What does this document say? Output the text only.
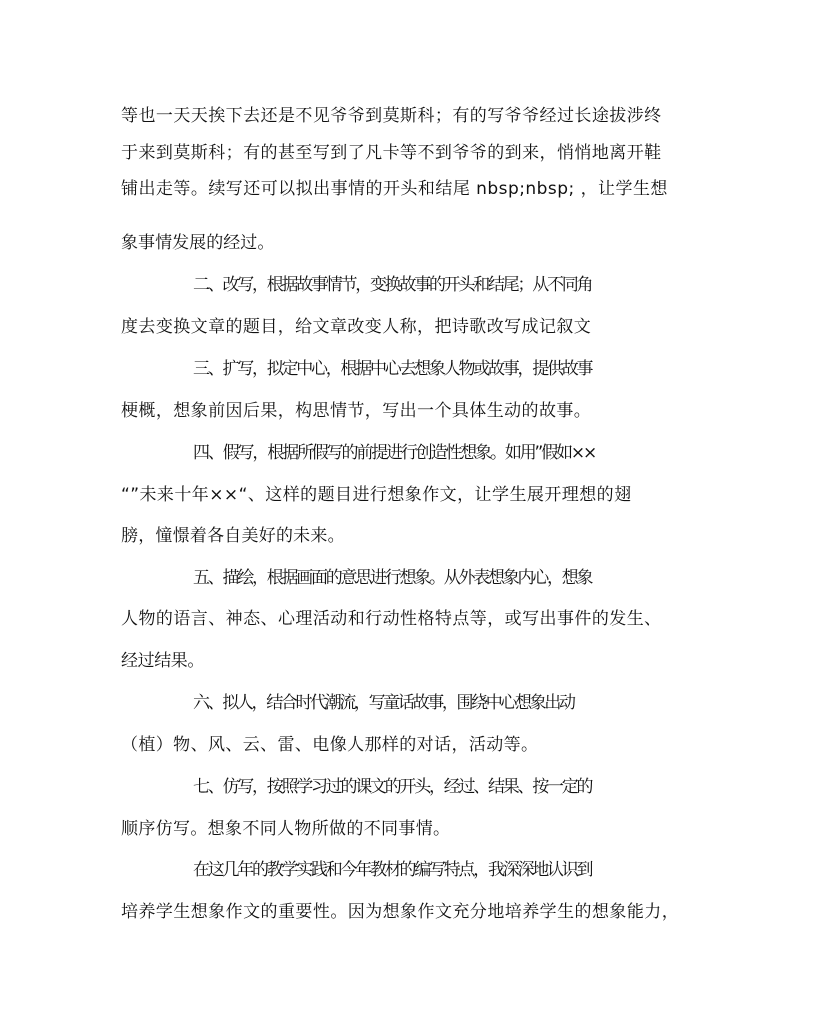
等也一天天挨下去还是不见爷爷到莫斯科；有的写爷爷经过长途拔涉终
于来到莫斯科；有的甚至写到了凡卡等不到爷爷的到来，悄悄地离开鞋
铺出走等。续写还可以拟出事情的开头和结尾 nbsp;nbsp; ，让学生想
象事情发展的经过。
二、改写，根据故事情节，变换故事的开头和结尾；从不同角
度去变换文章的题目，给文章改变人称，把诗歌改写成记叙文
三、扩写，拟定中心，根据中心去想象人物或故事，提供故事
梗概，想象前因后果，构思情节，写出一个具体生动的故事。
四、假写，根据所假写的前提进行创造性想象。如用”假如××
“”未来十年××“、这样的题目进行想象作文，让学生展开理想的翅
膀，憧憬着各自美好的未来。
五、描绘，根据画面的意思进行想象。从外表想象内心，想象
人物的语言、神态、心理活动和行动性格特点等，或写出事件的发生、
经过结果。
六、拟人，结合时代潮流，写童话故事，围绕中心想象出动
（植）物、风、云、雷、电像人那样的对话，活动等。
七、仿写，按照学习过的课文的开头，经过、结果、按一定的
顺序仿写。想象不同人物所做的不同事情。
在这几年的教学实践和今年教材的编写特点，我深深地认识到
培养学生想象作文的重要性。因为想象作文充分地培养学生的想象能力，
